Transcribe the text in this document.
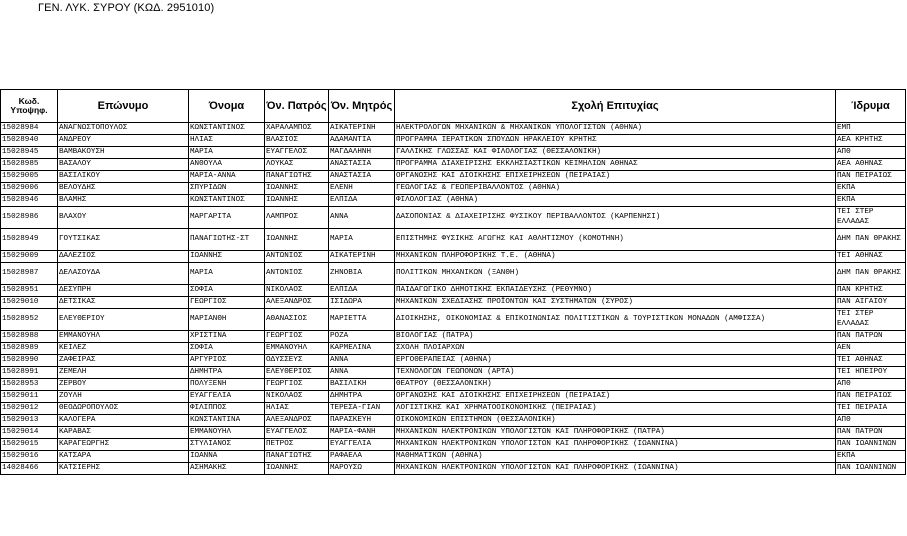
ΓΕΝ. ΛΥΚ. ΣΥΡΟΥ (ΚΩΔ. 2951010)
Κωδ. Υποψηφ.	Επώνυμο	Όνομα	Όν. Πατρός	Όν. Μητρός	Σχολή Επιτυχίας	Ίδρυμα
15028984	ΑΝΑΓΝΩΣΤΟΠΟΥΛΟΣ	ΚΩΝΣΤΑΝΤΙΝΟΣ	ΧΑΡΑΛΑΜΠΟΣ	ΑΙΚΑΤΕΡΙΝΗ	ΗΛΕΚΤΡΟΛΟΓΩΝ ΜΗΧΑΝΙΚΩΝ & ΜΗΧΑΝΙΚΩΝ ΥΠΟΛΟΓΙΣΤΩΝ (ΑΘΗΝΑ)	ΕΜΠ
15028940	ΑΝΔΡΕΟΥ	ΗΛΙΑΣ	ΒΛΑΣΙΟΣ	ΑΔΑΜΑΝΤΙΑ	ΠΡΟΓΡΑΜΜΑ ΙΕΡΑΤΙΚΩΝ ΣΠΟΥΔΩΝ ΗΡΑΚΛΕΙΟΥ ΚΡΗΤΗΣ	ΑΕΑ ΚΡΗΤΗΣ
15028945	ΒΑΜΒΑΚΟΥΣΗ	ΜΑΡΙΑ	ΕΥΑΓΓΕΛΟΣ	ΜΑΓΔΑΛΗΝΗ	ΓΑΛΛΙΚΗΣ ΓΛΩΣΣΑΣ ΚΑΙ ΦΙΛΟΛΟΓΙΑΣ (ΘΕΣΣΑΛΟΝΙΚΗ)	ΑΠΘ
15028985	ΒΑΣΑΛΟΥ	ΑΝΘΟΥΛΑ	ΛΟΥΚΑΣ	ΑΝΑΣΤΑΣΙΑ	ΠΡΟΓΡΑΜΜΑ ΔΙΑΧΕΙΡΙΣΗΣ ΕΚΚΛΗΣΙΑΣΤΙΚΩΝ ΚΕΙΜΗΛΙΩΝ ΑΘΗΝΑΣ	ΑΕΑ ΑΘΗΝΑΣ
15029005	ΒΑΣΙΛΙΚΟΥ	ΜΑΡΙΑ-ΑΝΝΑ	ΠΑΝΑΓΙΩΤΗΣ	ΑΝΑΣΤΑΣΙΑ	ΟΡΓΑΝΩΣΗΣ ΚΑΙ ΔΙΟΙΚΗΣΗΣ ΕΠΙΧΕΙΡΗΣΕΩΝ (ΠΕΙΡΑΙΑΣ)	ΠΑΝ ΠΕΙΡΑΙΩΣ
15029006	ΒΕΛΟΥΔΗΣ	ΣΠΥΡΙΔΩΝ	ΙΩΑΝΝΗΣ	ΕΛΕΝΗ	ΓΕΩΛΟΓΙΑΣ & ΓΕΩΠΕΡΙΒΑΛΛΟΝΤΟΣ (ΑΘΗΝΑ)	ΕΚΠΑ
15028946	ΒΛΑΜΗΣ	ΚΩΝΣΤΑΝΤΙΝΟΣ	ΙΩΑΝΝΗΣ	ΕΛΠΙΔΑ	ΦΙΛΟΛΟΓΙΑΣ (ΑΘΗΝΑ)	ΕΚΠΑ
15028986	ΒΛΑΧΟΥ	ΜΑΡΓΑΡΙΤΑ	ΛΑΜΠΡΟΣ	ΑΝΝΑ	ΔΑΣΟΠΟΝΙΑΣ & ΔΙΑΧΕΙΡΙΣΗΣ ΦΥΣΙΚΟΥ ΠΕΡΙΒΑΛΛΟΝΤΟΣ (ΚΑΡΠΕΝΗΣΙ)	ΤΕΙ ΣΤΕΡ ΕΛΛΑΔΑΣ
15028949	ΓΟΥΤΣΙΚΑΣ	ΠΑΝΑΓΙΩΤΗΣ-ΣΤ	ΙΩΑΝΝΗΣ	ΜΑΡΙΑ	ΕΠΙΣΤΗΜΗΣ ΦΥΣΙΚΗΣ ΑΓΩΓΗΣ ΚΑΙ ΑΘΛΗΤΙΣΜΟΥ (ΚΟΜΟΤΗΝΗ)	ΔΗΜ ΠΑΝ ΘΡΑΚΗΣ
15029009	ΔΑΛΕΖΙΟΣ	ΙΩΑΝΝΗΣ	ΑΝΤΩΝΙΟΣ	ΑΙΚΑΤΕΡΙΝΗ	ΜΗΧΑΝΙΚΩΝ ΠΛΗΡΟΦΟΡΙΚΗΣ Τ.Ε. (ΑΘΗΝΑ)	ΤΕΙ ΑΘΗΝΑΣ
15028987	ΔΕΛΑΣΟΥΔΑ	ΜΑΡΙΑ	ΑΝΤΩΝΙΟΣ	ΖΗΝΟΒΙΑ	ΠΟΛΙΤΙΚΩΝ ΜΗΧΑΝΙΚΩΝ (ΞΑΝΘΗ)	ΔΗΜ ΠΑΝ ΘΡΑΚΗΣ
15028951	ΔΕΣΥΠΡΗ	ΣΟΦΙΑ	ΝΙΚΟΛΑΟΣ	ΕΛΠΙΔΑ	ΠΑΙΔΑΓΩΓΙΚΟ ΔΗΜΟΤΙΚΗΣ ΕΚΠΑΙΔΕΥΣΗΣ (ΡΕΘΥΜΝΟ)	ΠΑΝ ΚΡΗΤΗΣ
15029010	ΔΕΤΣΙΚΑΣ	ΓΕΩΡΓΙΟΣ	ΑΛΕΞΑΝΔΡΟΣ	ΙΣΙΔΩΡΑ	ΜΗΧΑΝΙΚΩΝ ΣΧΕΔΙΑΣΗΣ ΠΡΟΪΟΝΤΩΝ ΚΑΙ ΣΥΣΤΗΜΑΤΩΝ (ΣΥΡΟΣ)	ΠΑΝ ΑΙΓΑΙΟΥ
15028952	ΕΛΕΥΘΕΡΙΟΥ	ΜΑΡΙΑΝΘΗ	ΑΘΑΝΑΣΙΟΣ	ΜΑΡΙΕΤΤΑ	ΔΙΟΙΚΗΣΗΣ, ΟΙΚΟΝΟΜΙΑΣ & ΕΠΙΚΟΙΝΩΝΙΑΣ ΠΟΛΙΤΙΣΤΙΚΩΝ & ΤΟΥΡΙΣΤΙΚΩΝ ΜΟΝΑΔΩΝ (ΑΜΦΙΣΣΑ)	ΤΕΙ ΣΤΕΡ ΕΛΛΑΔΑΣ
15028988	ΕΜΜΑΝΟΥΗΛ	ΧΡΙΣΤΙΝΑ	ΓΕΩΡΓΙΟΣ	ΡΟΖΑ	ΒΙΟΛΟΓΙΑΣ (ΠΑΤΡΑ)	ΠΑΝ ΠΑΤΡΩΝ
15028989	ΚΕΙΛΕΖ	ΣΟΦΙΑ	ΕΜΜΑΝΟΥΗΛ	ΚΑΡΜΕΛΙΝΑ	ΣΧΟΛΗ ΠΛΟΙΑΡΧΩΝ	ΑΕΝ
15028990	ΖΑΦΕΙΡΑΣ	ΑΡΓΥΡΙΟΣ	ΟΔΥΣΣΕΥΣ	ΑΝΝΑ	ΕΡΓΟΘΕΡΑΠΕΙΑΣ (ΑΘΗΝΑ)	ΤΕΙ ΑΘΗΝΑΣ
15028991	ΖΕΜΕΛΗ	ΔΗΜΗΤΡΑ	ΕΛΕΥΘΕΡΙΟΣ	ΑΝΝΑ	ΤΕΧΝΟΛΟΓΩΝ ΓΕΩΠΟΝΩΝ (ΑΡΤΑ)	ΤΕΙ ΗΠΕΙΡΟΥ
15028953	ΖΕΡΒΟΥ	ΠΟΛΥΞΕΝΗ	ΓΕΩΡΓΙΟΣ	ΒΑΣΙΛΙΚΗ	ΘΕΑΤΡΟΥ (ΘΕΣΣΑΛΟΝΙΚΗ)	ΑΠΘ
15029011	ΖΟΥΛΗ	ΕΥΑΓΓΕΛΙΑ	ΝΙΚΟΛΑΟΣ	ΔΗΜΗΤΡΑ	ΟΡΓΑΝΩΣΗΣ ΚΑΙ ΔΙΟΙΚΗΣΗΣ ΕΠΙΧΕΙΡΗΣΕΩΝ (ΠΕΙΡΑΙΑΣ)	ΠΑΝ ΠΕΙΡΑΙΩΣ
15029012	ΘΕΟΔΩΡΟΠΟΥΛΟΣ	ΦΙΛΙΠΠΟΣ	ΗΛΙΑΣ	ΤΕΡΕΣΑ-ΓΙΑΝ	ΛΟΓΙΣΤΙΚΗΣ ΚΑΙ ΧΡΗΜΑΤΟΟΙΚΟΝΟΜΙΚΗΣ (ΠΕΙΡΑΙΑΣ)	ΤΕΙ ΠΕΙΡΑΙΑ
15029013	ΚΑΛΟΓΕΡΑ	ΚΩΝΣΤΑΝΤΙΝΑ	ΑΛΕΞΑΝΔΡΟΣ	ΠΑΡΑΣΚΕΥΗ	ΟΙΚΟΝΟΜΙΚΩΝ ΕΠΙΣΤΗΜΩΝ (ΘΕΣΣΑΛΟΝΙΚΗ)	ΑΠΘ
15029014	ΚΑΡΑΒΑΣ	ΕΜΜΑΝΟΥΗΛ	ΕΥΑΓΓΕΛΟΣ	ΜΑΡΙΑ-ΦΑΝΗ	ΜΗΧΑΝΙΚΩΝ ΗΛΕΚΤΡΟΝΙΚΩΝ ΥΠΟΛΟΓΙΣΤΩΝ ΚΑΙ ΠΛΗΡΟΦΟΡΙΚΗΣ (ΠΑΤΡΑ)	ΠΑΝ ΠΑΤΡΩΝ
15029015	ΚΑΡΑΓΕΩΡΓΗΣ	ΣΤΥΛΙΑΝΟΣ	ΠΕΤΡΟΣ	ΕΥΑΓΓΕΛΙΑ	ΜΗΧΑΝΙΚΩΝ ΗΛΕΚΤΡΟΝΙΚΩΝ ΥΠΟΛΟΓΙΣΤΩΝ ΚΑΙ ΠΛΗΡΟΦΟΡΙΚΗΣ (ΙΩΑΝΝΙΝΑ)	ΠΑΝ ΙΩΑΝΝΙΝΩΝ
15029016	ΚΑΤΣΑΡΑ	ΙΩΑΝΝΑ	ΠΑΝΑΓΙΩΤΗΣ	ΡΑΦΑΕΛΑ	ΜΑΘΗΜΑΤΙΚΩΝ (ΑΘΗΝΑ)	ΕΚΠΑ
14028466	ΚΑΤΣΙΕΡΗΣ	ΑΣΗΜΑΚΗΣ	ΙΩΑΝΝΗΣ	ΜΑΡΟΥΣΩ	ΜΗΧΑΝΙΚΩΝ ΗΛΕΚΤΡΟΝΙΚΩΝ ΥΠΟΛΟΓΙΣΤΩΝ ΚΑΙ ΠΛΗΡΟΦΟΡΙΚΗΣ (ΙΩΑΝΝΙΝΑ)	ΠΑΝ ΙΩΑΝΝΙΝΩΝ
